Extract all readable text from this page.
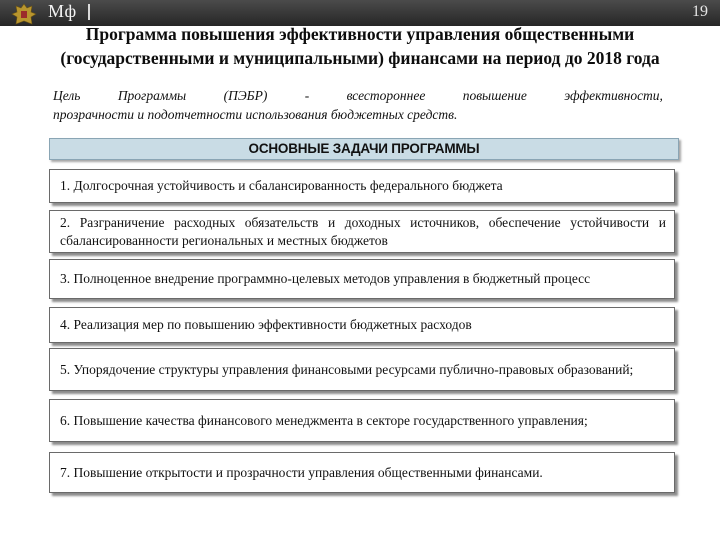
Мф	19
Программа повышения эффективности управления общественными
(государственными и муниципальными) финансами на период до 2018 года
Цель	Программы	(ПЭБР)	-	всестороннее	повышение	эффективности,
прозрачности и подотчетности использования бюджетных средств.
ОСНОВНЫЕ ЗАДАЧИ ПРОГРАММЫ
1. Долгосрочная устойчивость и сбалансированность федерального бюджета
2. Разграничение расходных обязательств и доходных источников, обеспечение устойчивости и сбалансированности региональных и местных бюджетов
3. Полноценное внедрение программно-целевых методов управления в бюджетный процесс
4. Реализация мер по повышению эффективности бюджетных расходов
5. Упорядочение структуры управления финансовыми ресурсами публично-правовых образований;
6. Повышение качества финансового менеджмента в секторе государственного управления;
7. Повышение открытости и прозрачности управления общественными финансами.
